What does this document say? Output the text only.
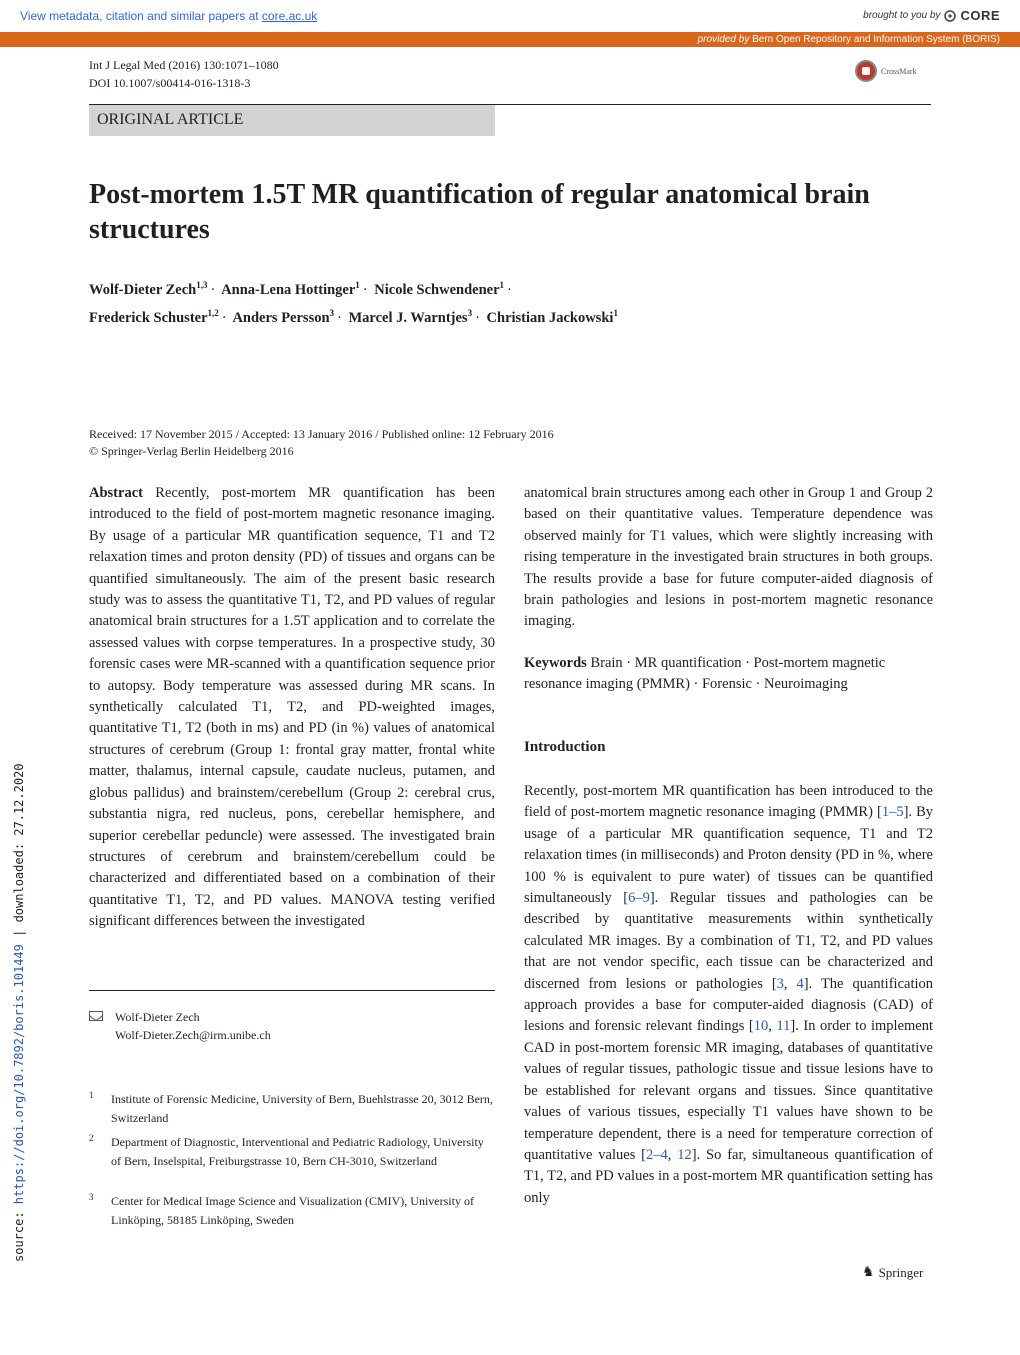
View metadata, citation and similar papers at core.ac.uk	brought to you by CORE
provided by Bern Open Repository and Information System (BORIS)
Int J Legal Med (2016) 130:1071–1080
DOI 10.1007/s00414-016-1318-3
CrossMark
ORIGINAL ARTICLE
Post-mortem 1.5T MR quantification of regular anatomical brain structures
Wolf-Dieter Zech$^{1,3}$ · Anna-Lena Hottinger$^1$ · Nicole Schwendener$^1$ ·
Frederick Schuster$^{1,2}$ · Anders Persson$^3$ · Marcel J. Warntjes$^3$ · Christian Jackowski$^1$
Received: 17 November 2015 / Accepted: 13 January 2016 / Published online: 12 February 2016
© Springer-Verlag Berlin Heidelberg 2016
Abstract Recently, post-mortem MR quantification has been introduced to the field of post-mortem magnetic resonance imaging. By usage of a particular MR quantification sequence, T1 and T2 relaxation times and proton density (PD) of tissues and organs can be quantified simultaneously. The aim of the present basic research study was to assess the quantitative T1, T2, and PD values of regular anatomical brain structures for a 1.5T application and to correlate the assessed values with corpse temperatures. In a prospective study, 30 forensic cases were MR-scanned with a quantification sequence prior to autopsy. Body temperature was assessed during MR scans. In synthetically calculated T1, T2, and PD-weighted images, quantitative T1, T2 (both in ms) and PD (in %) values of anatomical structures of cerebrum (Group 1: frontal gray matter, frontal white matter, thalamus, internal capsule, caudate nucleus, putamen, and globus pallidus) and brainstem/cerebellum (Group 2: cerebral crus, substantia nigra, red nucleus, pons, cerebellar hemisphere, and superior cerebellar peduncle) were assessed. The investigated brain structures of cerebrum and brainstem/cerebellum could be characterized and differentiated based on a combination of their quantitative T1, T2, and PD values. MANOVA testing verified significant differences between the investigated
anatomical brain structures among each other in Group 1 and Group 2 based on their quantitative values. Temperature dependence was observed mainly for T1 values, which were slightly increasing with rising temperature in the investigated brain structures in both groups. The results provide a base for future computer-aided diagnosis of brain pathologies and lesions in post-mortem magnetic resonance imaging.
Keywords Brain · MR quantification · Post-mortem magnetic resonance imaging (PMMR) · Forensic · Neuroimaging
Introduction
Recently, post-mortem MR quantification has been introduced to the field of post-mortem magnetic resonance imaging (PMMR) [1–5]. By usage of a particular MR quantification sequence, T1 and T2 relaxation times (in milliseconds) and Proton density (PD in %, where 100 % is equivalent to pure water) of tissues can be quantified simultaneously [6–9]. Regular tissues and pathologies can be described by quantitative measurements within synthetically calculated MR images. By a combination of T1, T2, and PD values that are not vendor specific, each tissue can be characterized and discerned from lesions or pathologies [3, 4]. The quantification approach provides a base for computer-aided diagnosis (CAD) of lesions and forensic relevant findings [10, 11]. In order to implement CAD in post-mortem forensic MR imaging, databases of quantitative values of regular tissues, pathologic tissue and tissue lesions have to be established for relevant organs and tissues. Since quantitative values of various tissues, especially T1 values have shown to be temperature dependent, there is a need for temperature correction of quantitative values [2–4, 12]. So far, simultaneous quantification of T1, T2, and PD values in a post-mortem MR quantification setting has only
Wolf-Dieter Zech
Wolf-Dieter.Zech@irm.unibe.ch
1 Institute of Forensic Medicine, University of Bern, Buehlstrasse 20, 3012 Bern, Switzerland
2 Department of Diagnostic, Interventional and Pediatric Radiology, University of Bern, Inselspital, Freiburgstrasse 10, Bern CH-3010, Switzerland
3 Center for Medical Image Science and Visualization (CMIV), University of Linköping, 58185 Linköping, Sweden
source: https://doi.org/10.7892/boris.101449 | downloaded: 27.12.2020
♞ Springer
